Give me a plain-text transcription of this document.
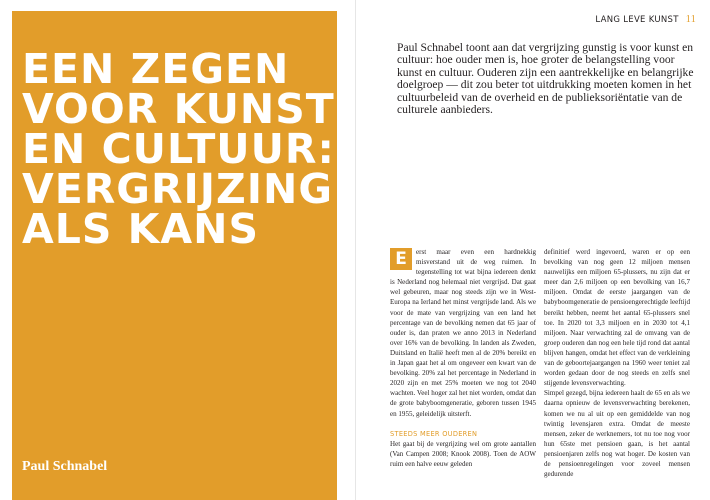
EEN ZEGEN
VOOR KUNST
EN CULTUUR:
VERGRIJZING
ALS KANS
Paul Schnabel
LANG LEVE KUNST 11

Paul Schnabel toont aan dat vergrijzing gunstig is voor kunst en cultuur: hoe ouder men is, hoe groter de belangstelling voor kunst en cultuur. Ouderen zijn een aantrekkelijke en belangrijke doelgroep — dit zou beter tot uitdrukking moeten komen in het cultuurbeleid van de overheid en de publieksoriëntatie van de culturele aanbieders.

E	erst maar even een hardnekkig misverstand uit de weg ruimen. In tegenstelling tot wat bijna iedereen denkt is Nederland nog helemaal niet vergrijsd. Dat gaat wel gebeuren, maar nog steeds zijn we in West-Europa na Ierland het minst vergrijsde land. Als we voor de mate van vergrijzing van een land het percentage van de bevolking nemen dat 65 jaar of ouder is, dan praten we anno 2013 in Nederland over 16% van de bevolking. In landen als Zweden, Duitsland en Italië heeft men al de 20% bereikt en in Japan gaat het al om ongeveer een kwart van de bevolking. 20% zal het percentage in Nederland in 2020 zijn en met 25% moeten we nog tot 2040 wachten. Veel hoger zal het niet worden, omdat dan de grote babyboomgeneratie, geboren tussen 1945 en 1955, geleidelijk uitsterft.

STEEDS MEER OUDEREN

Het gaat bij de vergrijzing wel om grote aantallen (Van Campen 2008; Knook 2008). Toen de AOW ruim een halve eeuw geleden

definitief werd ingevoerd, waren er op een bevolking van nog geen 12 miljoen mensen nauwelijks een miljoen 65-plussers, nu zijn dat er meer dan 2,6 miljoen op een bevolking van 16,7 miljoen. Omdat de eerste jaargangen van de babyboomgeneratie de pensioengerechtigde leeftijd bereikt hebben, neemt het aantal 65-plussers snel toe. In 2020 tot 3,3 miljoen en in 2030 tot 4,1 miljoen. Naar verwachting zal de omvang van de groep ouderen dan nog een hele tijd rond dat aantal blijven hangen, omdat het effect van de verkleining van de geboortejaargangen na 1960 weer teniet zal worden gedaan door de nog steeds en zelfs snel stijgende levensverwachting.

Simpel gezegd, bijna iedereen haalt de 65 en als we daarna opnieuw de levensverwachting berekenen, komen we nu al uit op een gemiddelde van nog twintig levensjaren extra. Omdat de meeste mensen, zeker de werknemers, tot nu toe nog voor hun 65ste met pensioen gaan, is het aantal pensioenjaren zelfs nog wat hoger. De kosten van de pensioenregelingen voor zoveel mensen gedurende
